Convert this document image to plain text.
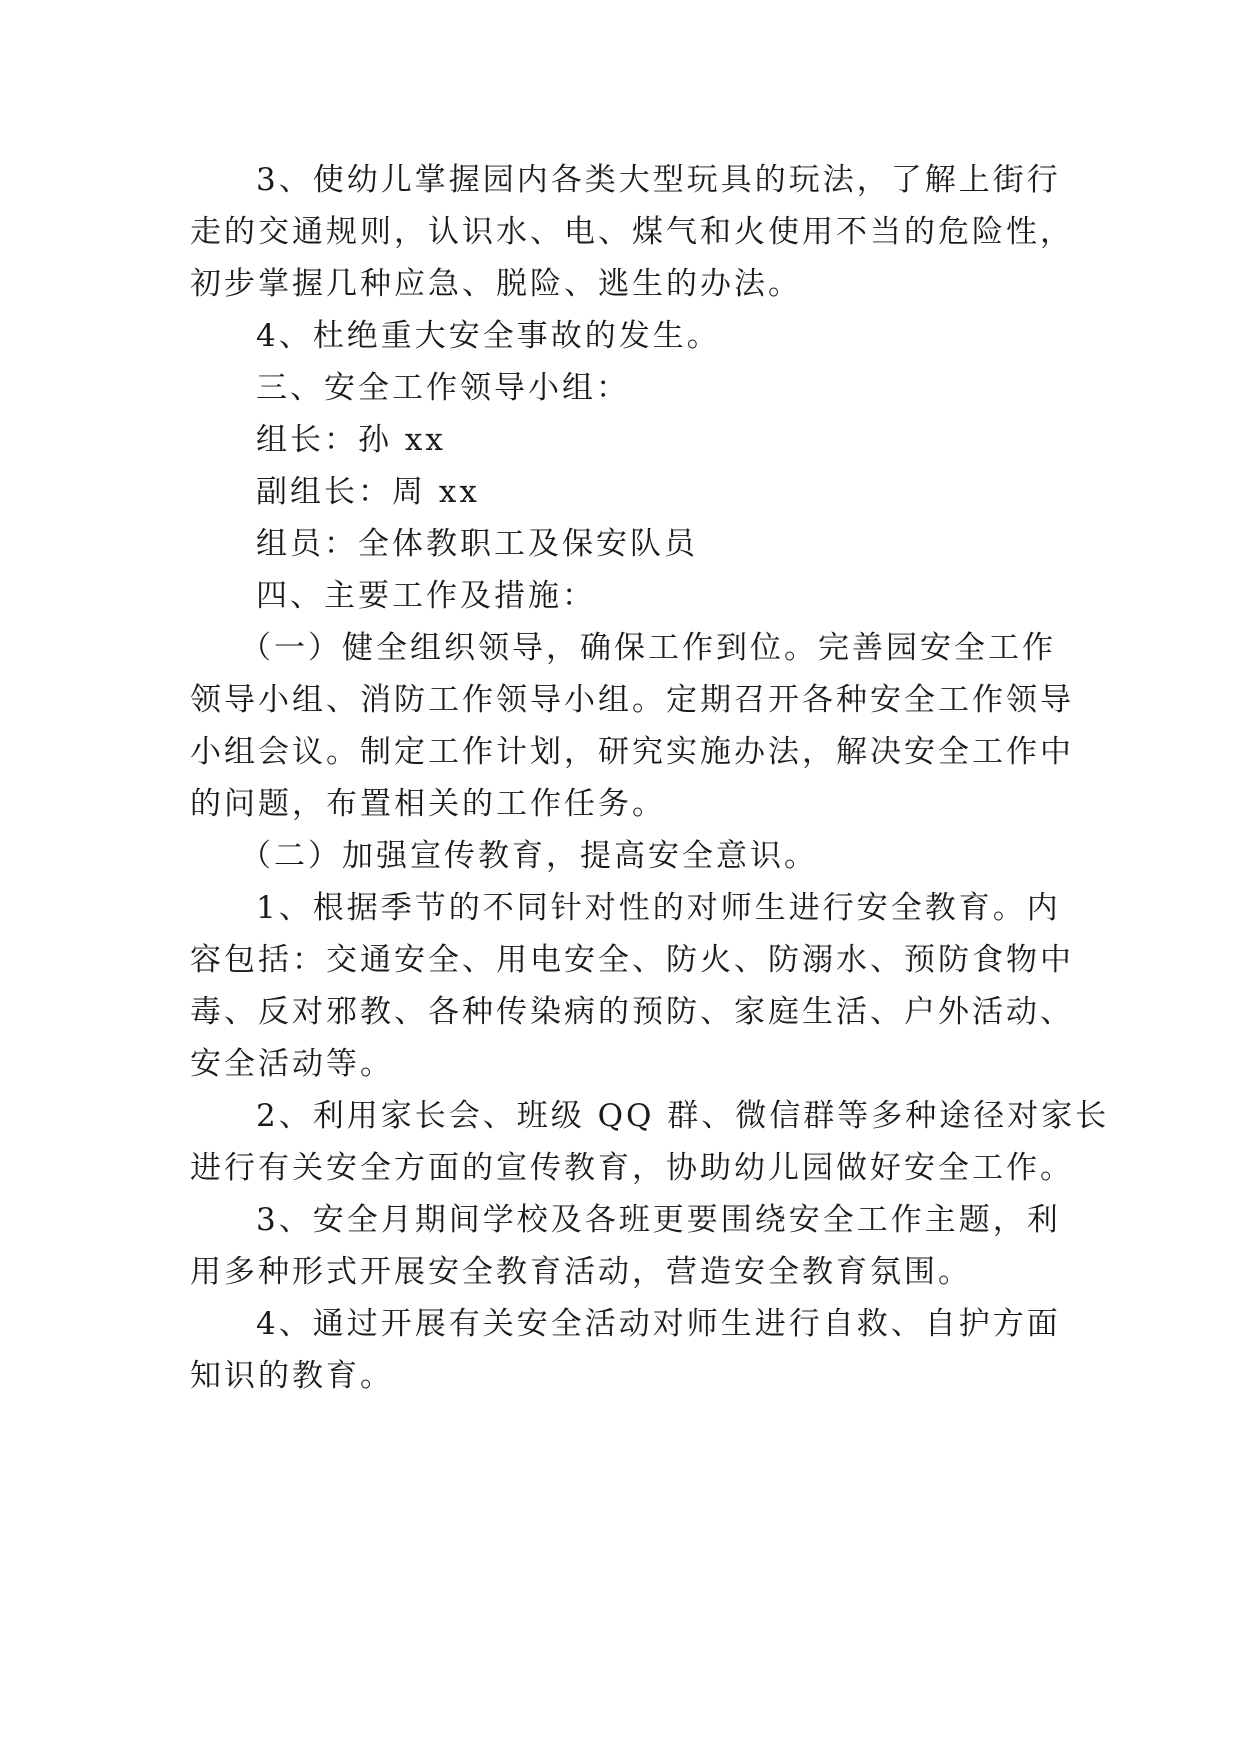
3、使幼儿掌握园内各类大型玩具的玩法，了解上街行
走的交通规则，认识水、电、煤气和火使用不当的危险性，
初步掌握几种应急、脱险、逃生的办法。
4、杜绝重大安全事故的发生。
三、安全工作领导小组：
组长：孙 xx
副组长：周 xx
组员：全体教职工及保安队员
四、主要工作及措施：
（一）健全组织领导，确保工作到位。完善园安全工作
领导小组、消防工作领导小组。定期召开各种安全工作领导
小组会议。制定工作计划，研究实施办法，解决安全工作中
的问题，布置相关的工作任务。
（二）加强宣传教育，提高安全意识。
1、根据季节的不同针对性的对师生进行安全教育。内
容包括：交通安全、用电安全、防火、防溺水、预防食物中
毒、反对邪教、各种传染病的预防、家庭生活、户外活动、
安全活动等。
2、利用家长会、班级 QQ 群、微信群等多种途径对家长
进行有关安全方面的宣传教育，协助幼儿园做好安全工作。
3、安全月期间学校及各班更要围绕安全工作主题，利
用多种形式开展安全教育活动，营造安全教育氛围。
4、通过开展有关安全活动对师生进行自救、自护方面
知识的教育。
